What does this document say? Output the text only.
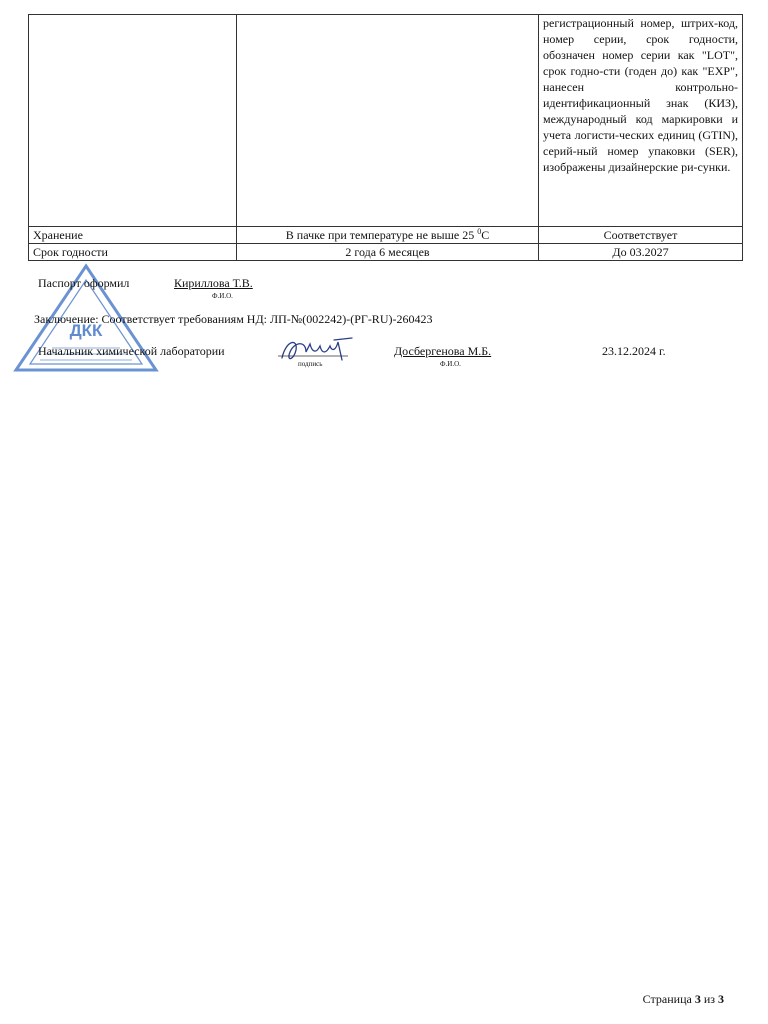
		регистрационный номер, штрих-код, номер серии, срок годности, обозначен номер серии как "LOT", срок годно-сти (годен до) как "EXP", нанесен контрольно-идентификационный знак (КИЗ), международный код маркировки и учета логисти-ческих единиц (GTIN), серий-ный номер упаковки (SER), изображены дизайнерские ри-сунки.
Хранение	В пачке при температуре не выше 25 $^0$С	Соответствует
Срок годности	2 года 6 месяцев	До 03.2027
ДКК
Паспорт оформил	Кириллова Т.В.
Ф.И.О.
Заключение: Соответствует требованиям НД: ЛП-№(002242)-(РГ-RU)-260423
Начальник химической лаборатории
подпись
Досбергенова М.Б.
Ф.И.О.
23.12.2024 г.
Страница 3 из 3
